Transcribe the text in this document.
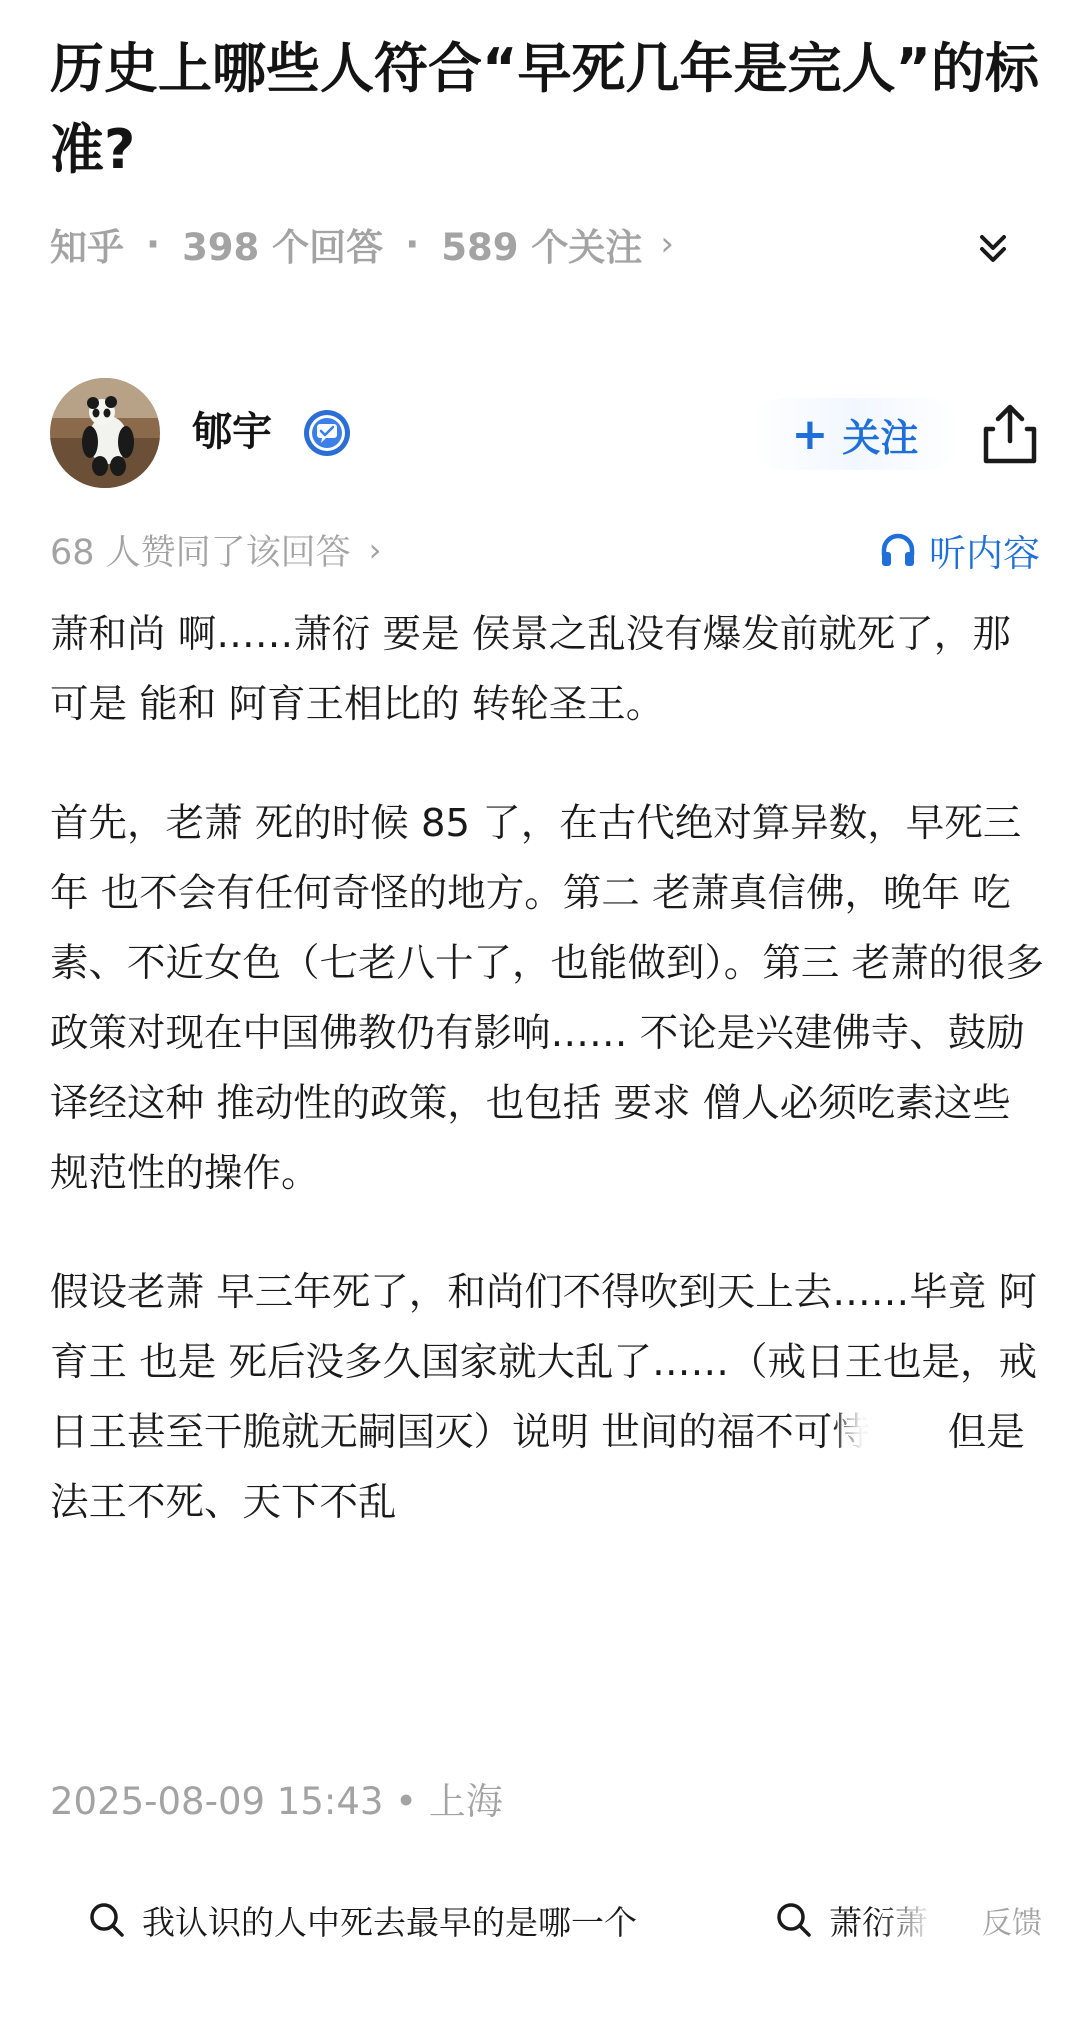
历史上哪些人符合“早死几年是完人”的标准?
知乎 · 398 个回答 · 589 个关注 ›
郇宇	+ 关注
68 人赞同了该回答 ›	听内容

萧和尚 啊……萧衍 要是 侯景之乱没有爆发前就死了，那可是 能和 阿育王相比的 转轮圣王。

首先，老萧 死的时候 85 了，在古代绝对算异数，早死三年 也不会有任何奇怪的地方。第二 老萧真信佛，晚年 吃素、不近女色（七老八十了，也能做到）。第三 老萧的很多政策对现在中国佛教仍有影响…… 不论是兴建佛寺、鼓励译经这种 推动性的政策，也包括 要求 僧人必须吃素这些 规范性的操作。

假设老萧 早三年死了，和尚们不得吹到天上去……毕竟 阿育王 也是 死后没多久国家就大乱了……（戒日王也是，戒日王甚至干脆就无嗣国灭）说明 世间的福不可恃　　 但是 法王不死、天下不乱

2025-08-09 15:43 • 上海
我认识的人中死去最早的是哪一个	萧衍萧 反馈
